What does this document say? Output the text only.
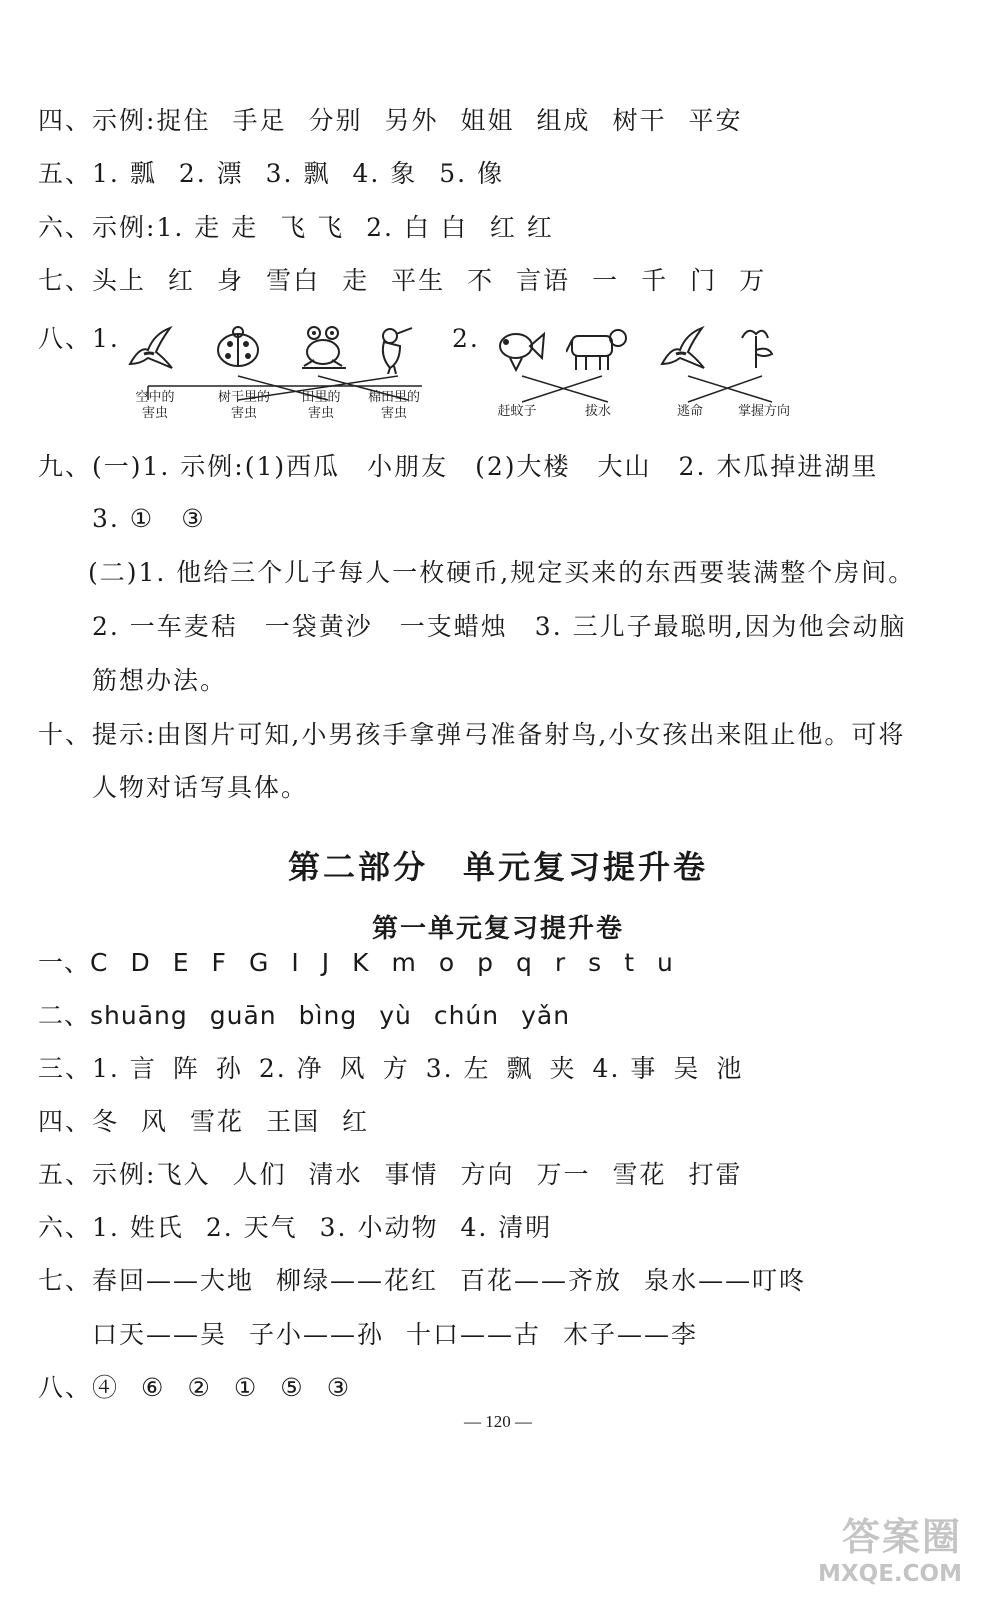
四、示例:捉住 手足 分别 另外 姐姐 组成 树干 平安
五、1. 瓢 2. 漂 3. 飘 4. 象 5. 像
六、示例:1. 走 走 飞 飞 2. 白 白 红 红
七、头上 红 身 雪白 走 平生 不 言语 一 千 门 万
八、1.
空中的
害虫
树干里的
害虫
田里的
害虫
棉田里的
害虫
2.
赶蚊子	拔水	逃命	掌握方向
九、(一)1. 示例:(1)西瓜　小朋友　(2)大楼　大山　2. 木瓜掉进湖里
3. ①　③
(二)1. 他给三个儿子每人一枚硬币,规定买来的东西要装满整个房间。
2. 一车麦秸　一袋黄沙　一支蜡烛　3. 三儿子最聪明,因为他会动脑
筋想办法。
十、提示:由图片可知,小男孩手拿弹弓准备射鸟,小女孩出来阻止他。可将
人物对话写具体。
第二部分　单元复习提升卷
第一单元复习提升卷
一、C D E F G I J K m o p q r s t u
二、shuāng guān bìng yù chún yǎn
三、1. 言 阵 孙 2. 净 风 方 3. 左 飘 夹 4. 事 吴 池
四、冬 风 雪花 王国 红
五、示例:飞入 人们 清水 事情 方向 万一 雪花 打雷
六、1. 姓氏 2. 天气 3. 小动物 4. 清明
七、春回——大地 柳绿——花红 百花——齐放 泉水——叮咚
口天——吴 子小——孙 十口——古 木子——李
八、④ ⑥ ② ① ⑤ ③
— 120 —
答案圈
MXQE.COM
